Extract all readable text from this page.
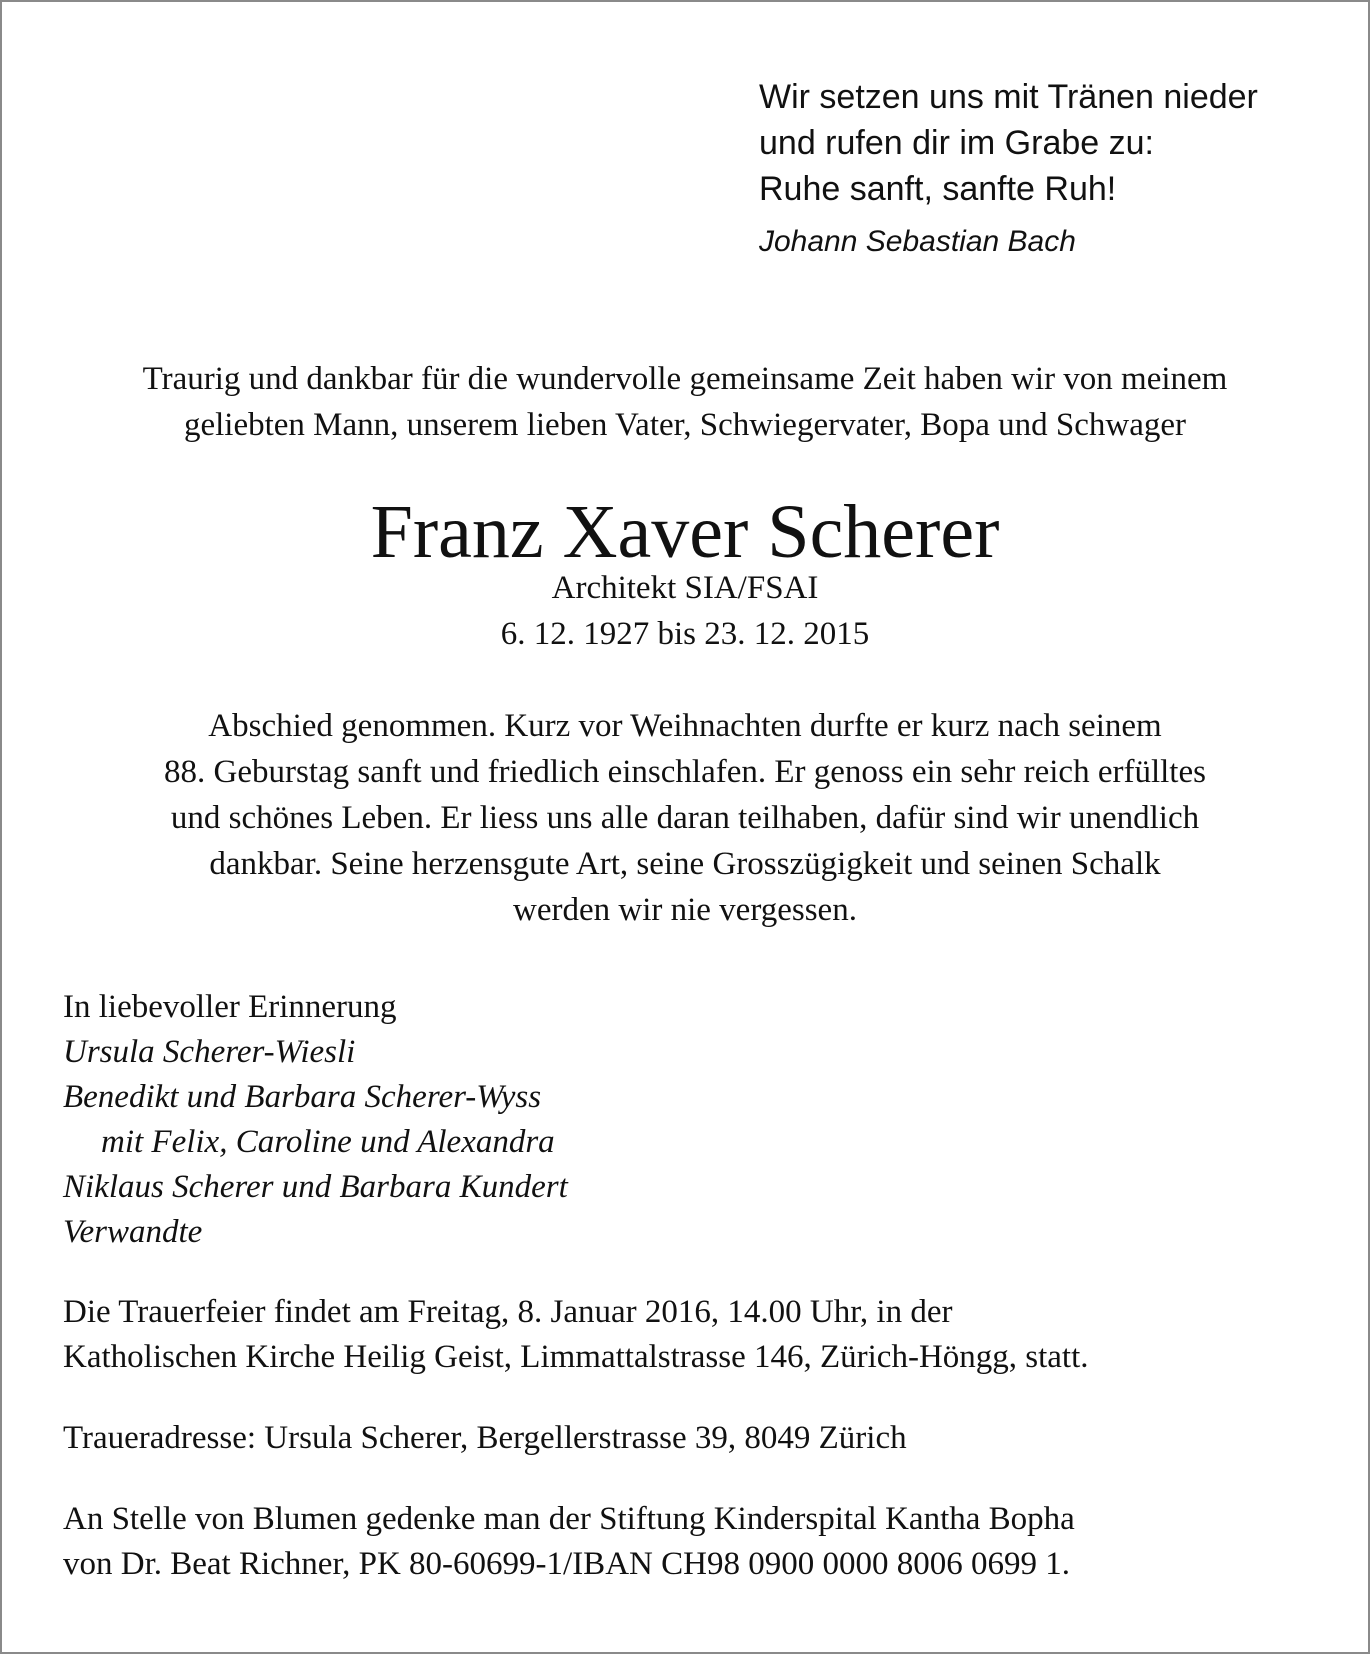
Wir setzen uns mit Tränen nieder
und rufen dir im Grabe zu:
Ruhe sanft, sanfte Ruh!
Johann Sebastian Bach
Traurig und dankbar für die wundervolle gemeinsame Zeit haben wir von meinem
geliebten Mann, unserem lieben Vater, Schwiegervater, Bopa und Schwager
Franz Xaver Scherer
Architekt SIA/FSAI
6. 12. 1927 bis 23. 12. 2015
Abschied genommen. Kurz vor Weihnachten durfte er kurz nach seinem
88. Geburstag sanft und friedlich einschlafen. Er genoss ein sehr reich erfülltes
und schönes Leben. Er liess uns alle daran teilhaben, dafür sind wir unendlich
dankbar. Seine herzensgute Art, seine Grosszügigkeit und seinen Schalk
werden wir nie vergessen.
In liebevoller Erinnerung
Ursula Scherer-Wiesli
Benedikt und Barbara Scherer-Wyss
mit Felix, Caroline und Alexandra
Niklaus Scherer und Barbara Kundert
Verwandte
Die Trauerfeier findet am Freitag, 8. Januar 2016, 14.00 Uhr, in der
Katholischen Kirche Heilig Geist, Limmattalstrasse 146, Zürich-Höngg, statt.
Traueradresse: Ursula Scherer, Bergellerstrasse 39, 8049 Zürich
An Stelle von Blumen gedenke man der Stiftung Kinderspital Kantha Bopha
von Dr. Beat Richner, PK 80-60699-1/IBAN CH98 0900 0000 8006 0699 1.
